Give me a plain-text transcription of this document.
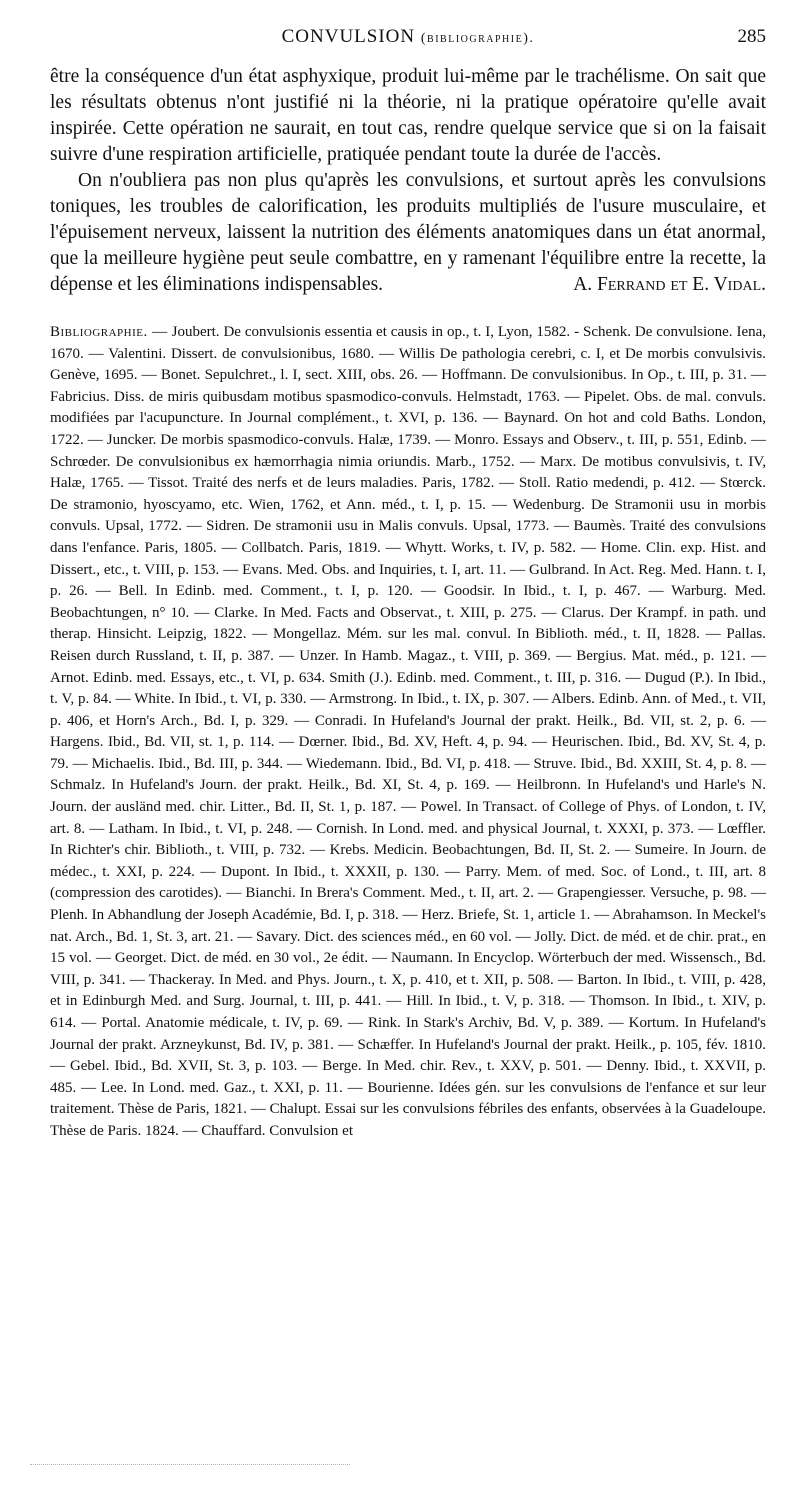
CONVULSION (bibliographie).	285

être la conséquence d'un état asphyxique, produit lui-même par le trachélisme. On sait que les résultats obtenus n'ont justifié ni la théorie, ni la pratique opératoire qu'elle avait inspirée. Cette opération ne saurait, en tout cas, rendre quelque service que si on la faisait suivre d'une respiration artificielle, pratiquée pendant toute la durée de l'accès.

On n'oubliera pas non plus qu'après les convulsions, et surtout après les convulsions toniques, les troubles de calorification, les produits multipliés de l'usure musculaire, et l'épuisement nerveux, laissent la nutrition des éléments anatomiques dans un état anormal, que la meilleure hygiène peut seule combattre, en y ramenant l'équilibre entre la recette, la dépense et les éliminations indispensables.	A. Ferrand et E. Vidal.

Bibliographie. — Joubert. De convulsionis essentia et causis in op., t. I, Lyon, 1582. - Schenk. De convulsione. Iena, 1670. — Valentini. Dissert. de convulsionibus, 1680. — Willis De pathologia cerebri, c. I, et De morbis convulsivis. Genève, 1695. — Bonet. Sepulchret., l. I, sect. XIII, obs. 26. — Hoffmann. De convulsionibus. In Op., t. III, p. 31. — Fabricius. Diss. de miris quibusdam motibus spasmodico-convuls. Helmstadt, 1763. — Pipelet. Obs. de mal. convuls. modifiées par l'acupuncture. In Journal complément., t. XVI, p. 136. — Baynard. On hot and cold Baths. London, 1722. — Juncker. De morbis spasmodico-convuls. Halæ, 1739. — Monro. Essays and Observ., t. III, p. 551, Edinb. — Schrœder. De convulsionibus ex hæmorrhagia nimia oriundis. Marb., 1752. — Marx. De motibus convulsivis, t. IV, Halæ, 1765. — Tissot. Traité des nerfs et de leurs maladies. Paris, 1782. — Stoll. Ratio medendi, p. 412. — Stœrck. De stramonio, hyoscyamo, etc. Wien, 1762, et Ann. méd., t. I, p. 15. — Wedenburg. De Stramonii usu in morbis convuls. Upsal, 1772. — Sidren. De stramonii usu in Malis convuls. Upsal, 1773. — Baumès. Traité des convulsions dans l'enfance. Paris, 1805. — Collbatch. Paris, 1819. — Whytt. Works, t. IV, p. 582. — Home. Clin. exp. Hist. and Dissert., etc., t. VIII, p. 153. — Evans. Med. Obs. and Inquiries, t. I, art. 11. — Gulbrand. In Act. Reg. Med. Hann. t. I, p. 26. — Bell. In Edinb. med. Comment., t. I, p. 120. — Goodsir. In Ibid., t. I, p. 467. — Warburg. Med. Beobachtungen, n° 10. — Clarke. In Med. Facts and Observat., t. XIII, p. 275. — Clarus. Der Krampf. in path. und therap. Hinsicht. Leipzig, 1822. — Mongellaz. Mém. sur les mal. convul. In Biblioth. méd., t. II, 1828. — Pallas. Reisen durch Russland, t. II, p. 387. — Unzer. In Hamb. Magaz., t. VIII, p. 369. — Bergius. Mat. méd., p. 121. — Arnot. Edinb. med. Essays, etc., t. VI, p. 634. Smith (J.). Edinb. med. Comment., t. III, p. 316. — Dugud (P.). In Ibid., t. V, p. 84. — White. In Ibid., t. VI, p. 330. — Armstrong. In Ibid., t. IX, p. 307. — Albers. Edinb. Ann. of Med., t. VII, p. 406, et Horn's Arch., Bd. I, p. 329. — Conradi. In Hufeland's Journal der prakt. Heilk., Bd. VII, st. 2, p. 6. — Hargens. Ibid., Bd. VII, st. 1, p. 114. — Dœrner. Ibid., Bd. XV, Heft. 4, p. 94. — Heurischen. Ibid., Bd. XV, St. 4, p. 79. — Michaelis. Ibid., Bd. III, p. 344. — Wiedemann. Ibid., Bd. VI, p. 418. — Struve. Ibid., Bd. XXIII, St. 4, p. 8. — Schmalz. In Hufeland's Journ. der prakt. Heilk., Bd. XI, St. 4, p. 169. — Heilbronn. In Hufeland's und Harle's N. Journ. der ausländ med. chir. Litter., Bd. II, St. 1, p. 187. — Powel. In Transact. of College of Phys. of London, t. IV, art. 8. — Latham. In Ibid., t. VI, p. 248. — Cornish. In Lond. med. and physical Journal, t. XXXI, p. 373. — Lœffler. In Richter's chir. Biblioth., t. VIII, p. 732. — Krebs. Medicin. Beobachtungen, Bd. II, St. 2. — Sumeire. In Journ. de médec., t. XXI, p. 224. — Dupont. In Ibid., t. XXXII, p. 130. — Parry. Mem. of med. Soc. of Lond., t. III, art. 8 (compression des carotides). — Bianchi. In Brera's Comment. Med., t. II, art. 2. — Grapengiesser. Versuche, p. 98. — Plenh. In Abhandlung der Joseph Académie, Bd. I, p. 318. — Herz. Briefe, St. 1, article 1. — Abrahamson. In Meckel's nat. Arch., Bd. 1, St. 3, art. 21. — Savary. Dict. des sciences méd., en 60 vol. — Jolly. Dict. de méd. et de chir. prat., en 15 vol. — Georget. Dict. de méd. en 30 vol., 2e édit. — Naumann. In Encyclop. Wörterbuch der med. Wissensch., Bd. VIII, p. 341. — Thackeray. In Med. and Phys. Journ., t. X, p. 410, et t. XII, p. 508. — Barton. In Ibid., t. VIII, p. 428, et in Edinburgh Med. and Surg. Journal, t. III, p. 441. — Hill. In Ibid., t. V, p. 318. — Thomson. In Ibid., t. XIV, p. 614. — Portal. Anatomie médicale, t. IV, p. 69. — Rink. In Stark's Archiv, Bd. V, p. 389. — Kortum. In Hufeland's Journal der prakt. Arzneykunst, Bd. IV, p. 381. — Schæffer. In Hufeland's Journal der prakt. Heilk., p. 105, fév. 1810. — Gebel. Ibid., Bd. XVII, St. 3, p. 103. — Berge. In Med. chir. Rev., t. XXV, p. 501. — Denny. Ibid., t. XXVII, p. 485. — Lee. In Lond. med. Gaz., t. XXI, p. 11. — Bourienne. Idées gén. sur les convulsions de l'enfance et sur leur traitement. Thèse de Paris, 1821. — Chalupt. Essai sur les convulsions fébriles des enfants, observées à la Guadeloupe. Thèse de Paris. 1824. — Chauffard. Convulsion et
